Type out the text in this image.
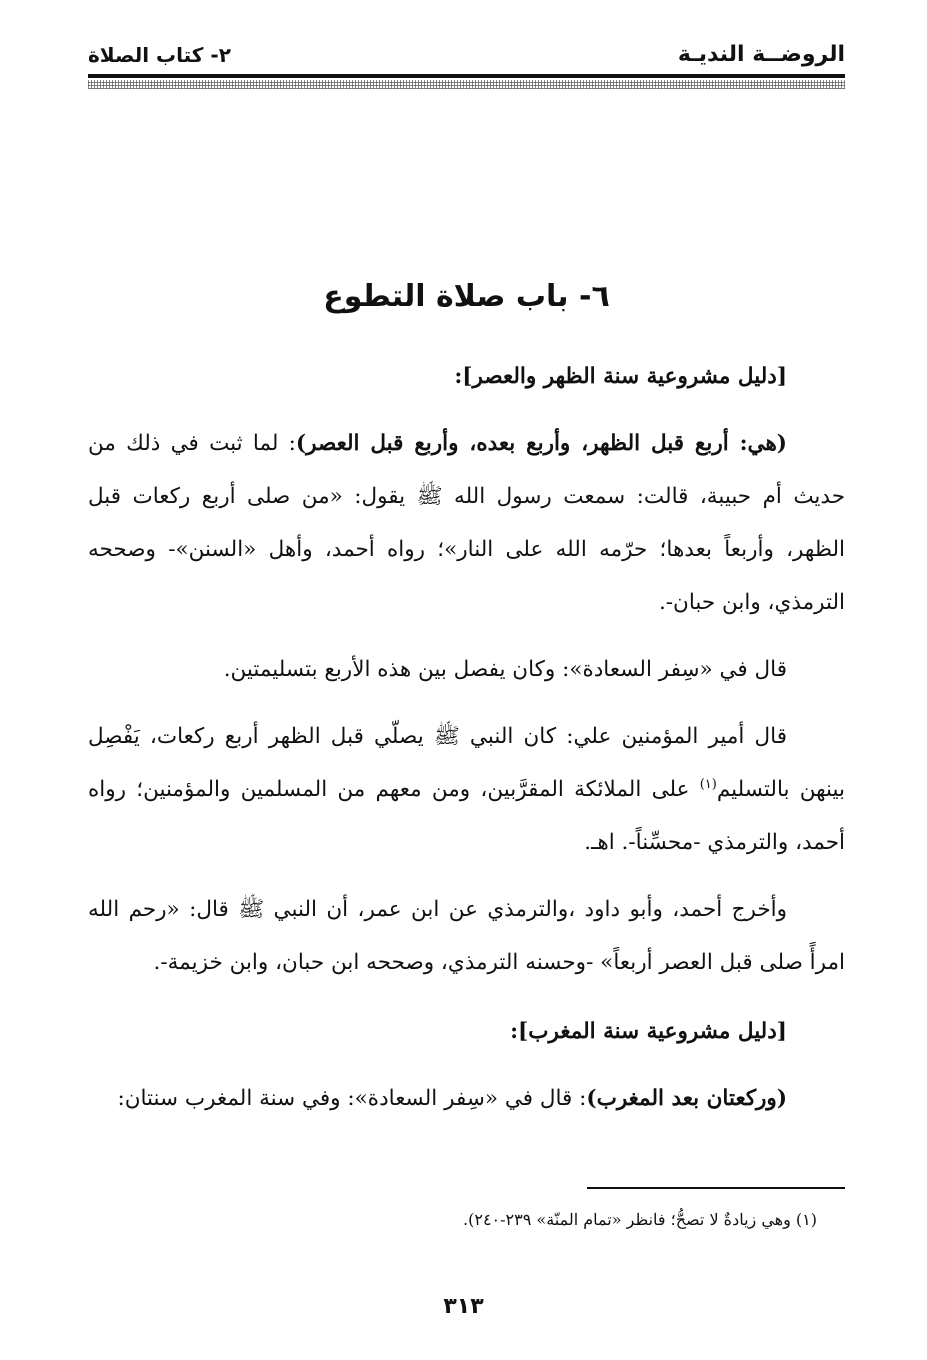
الروضــة النديـة
٢- كتاب الصلاة
٦- باب صلاة التطوع

[دليل مشروعية سنة الظهر والعصر]:

(هي: أربع قبل الظهر، وأربع بعده، وأربع قبل العصر): لما ثبت في ذلك من حديث أم حبيبة، قالت: سمعت رسول الله ﷺ يقول: «من صلى أربع ركعات قبل الظهر، وأربعاً بعدها؛ حرّمه الله على النار»؛ رواه أحمد، وأهل «السنن»- وصححه الترمذي، وابن حبان-.

قال في «سِفر السعادة»: وكان يفصل بين هذه الأربع بتسليمتين.

قال أمير المؤمنين علي: كان النبي ﷺ يصلّي قبل الظهر أربع ركعات، يَفْصِل بينهن بالتسليم$^{(١)}$ على الملائكة المقرَّبين، ومن معهم من المسلمين والمؤمنين؛ رواه أحمد، والترمذي -محسِّناً-. اهـ.

وأخرج أحمد، وأبو داود ،والترمذي عن ابن عمر، أن النبي ﷺ قال: «رحم الله امرأً صلى قبل العصر أربعاً» -وحسنه الترمذي، وصححه ابن حبان، وابن خزيمة-.

[دليل مشروعية سنة المغرب]:

(وركعتان بعد المغرب): قال في «سِفر السعادة»: وفي سنة المغرب سنتان:

(١) وهي زيادةٌ لا تصحُّ؛ فانظر «تمام المنّة» ٢٣٩-٢٤٠).
٣١٣
